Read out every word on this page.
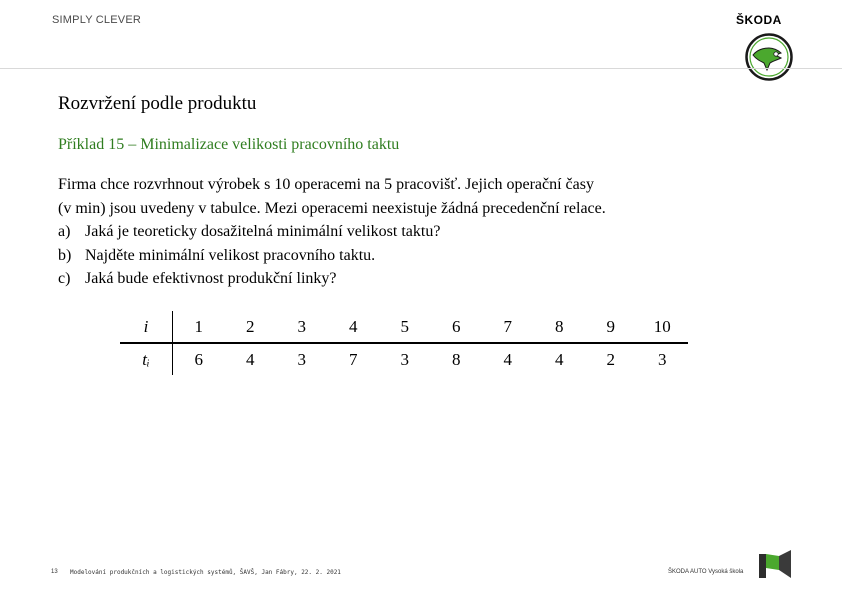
SIMPLY CLEVER	ŠKODA
Rozvržení podle produktu
Příklad 15 – Minimalizace velikosti pracovního taktu
Firma chce rozvrhnout výrobek s 10 operacemi na 5 pracovišť. Jejich operační časy
(v min) jsou uvedeny v tabulce. Mezi operacemi neexistuje žádná precedenční relace.
a) Jaká je teoreticky dosažitelná minimální velikost taktu?
b) Najděte minimální velikost pracovního taktu.
c) Jaká bude efektivnost produkční linky?
i	1	2	3	4	5	6	7	8	9	10
tᵢ	6	4	3	7	3	8	4	4	2	3
13 Modelování produkčních a logistických systémů, ŠAVŠ, Jan Fábry, 22. 2. 2021	ŠKODA AUTO Vysoká škola
